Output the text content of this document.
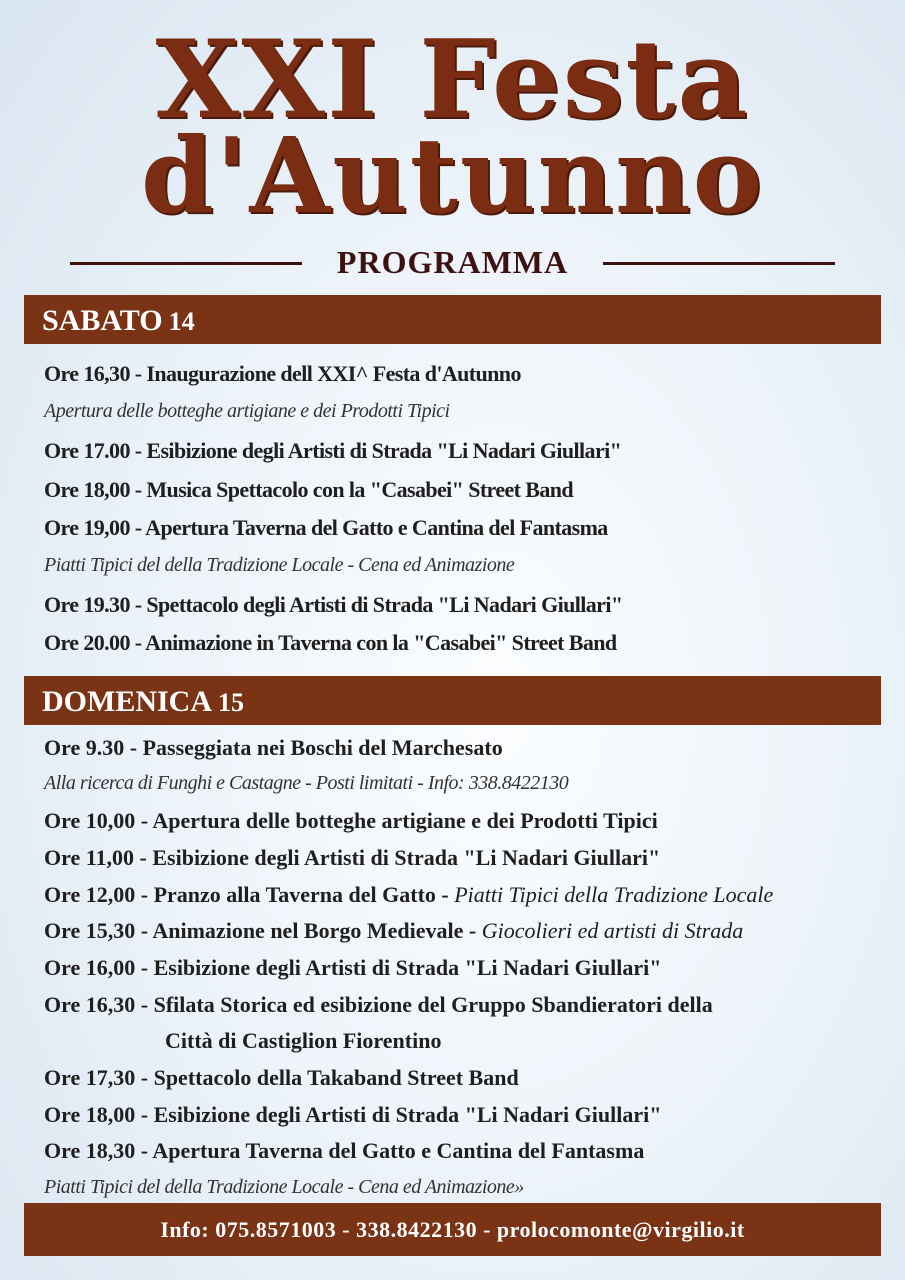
XXI Festa
d'Autunno
PROGRAMMA
SABATO 14
Ore 16,30 - Inaugurazione dell XXI^ Festa d'Autunno
Apertura delle botteghe artigiane e dei Prodotti Tipici
Ore 17.00 - Esibizione degli Artisti di Strada "Li Nadari Giullari"
Ore 18,00 - Musica Spettacolo con la "Casabei" Street Band
Ore 19,00 - Apertura Taverna del Gatto e Cantina del Fantasma
Piatti Tipici del della Tradizione Locale - Cena ed Animazione
Ore 19.30 - Spettacolo degli Artisti di Strada "Li Nadari Giullari"
Ore 20.00 - Animazione in Taverna con la "Casabei" Street Band
DOMENICA 15
Ore 9.30 - Passeggiata nei Boschi del Marchesato
Alla ricerca di Funghi e Castagne - Posti limitati - Info: 338.8422130
Ore 10,00 - Apertura delle botteghe artigiane e dei Prodotti Tipici
Ore 11,00 - Esibizione degli Artisti di Strada "Li Nadari Giullari"
Ore 12,00 - Pranzo alla Taverna del Gatto - Piatti Tipici della Tradizione Locale
Ore 15,30 - Animazione nel Borgo Medievale - Giocolieri ed artisti di Strada
Ore 16,00 - Esibizione degli Artisti di Strada "Li Nadari Giullari"
Ore 16,30 - Sfilata Storica ed esibizione del Gruppo Sbandieratori della
Città di Castiglion Fiorentino
Ore 17,30 - Spettacolo della Takaband Street Band
Ore 18,00 - Esibizione degli Artisti di Strada "Li Nadari Giullari"
Ore 18,30 - Apertura Taverna del Gatto e Cantina del Fantasma
Piatti Tipici del della Tradizione Locale - Cena ed Animazione»
Info: 075.8571003 - 338.8422130 - prolocomonte@virgilio.it
